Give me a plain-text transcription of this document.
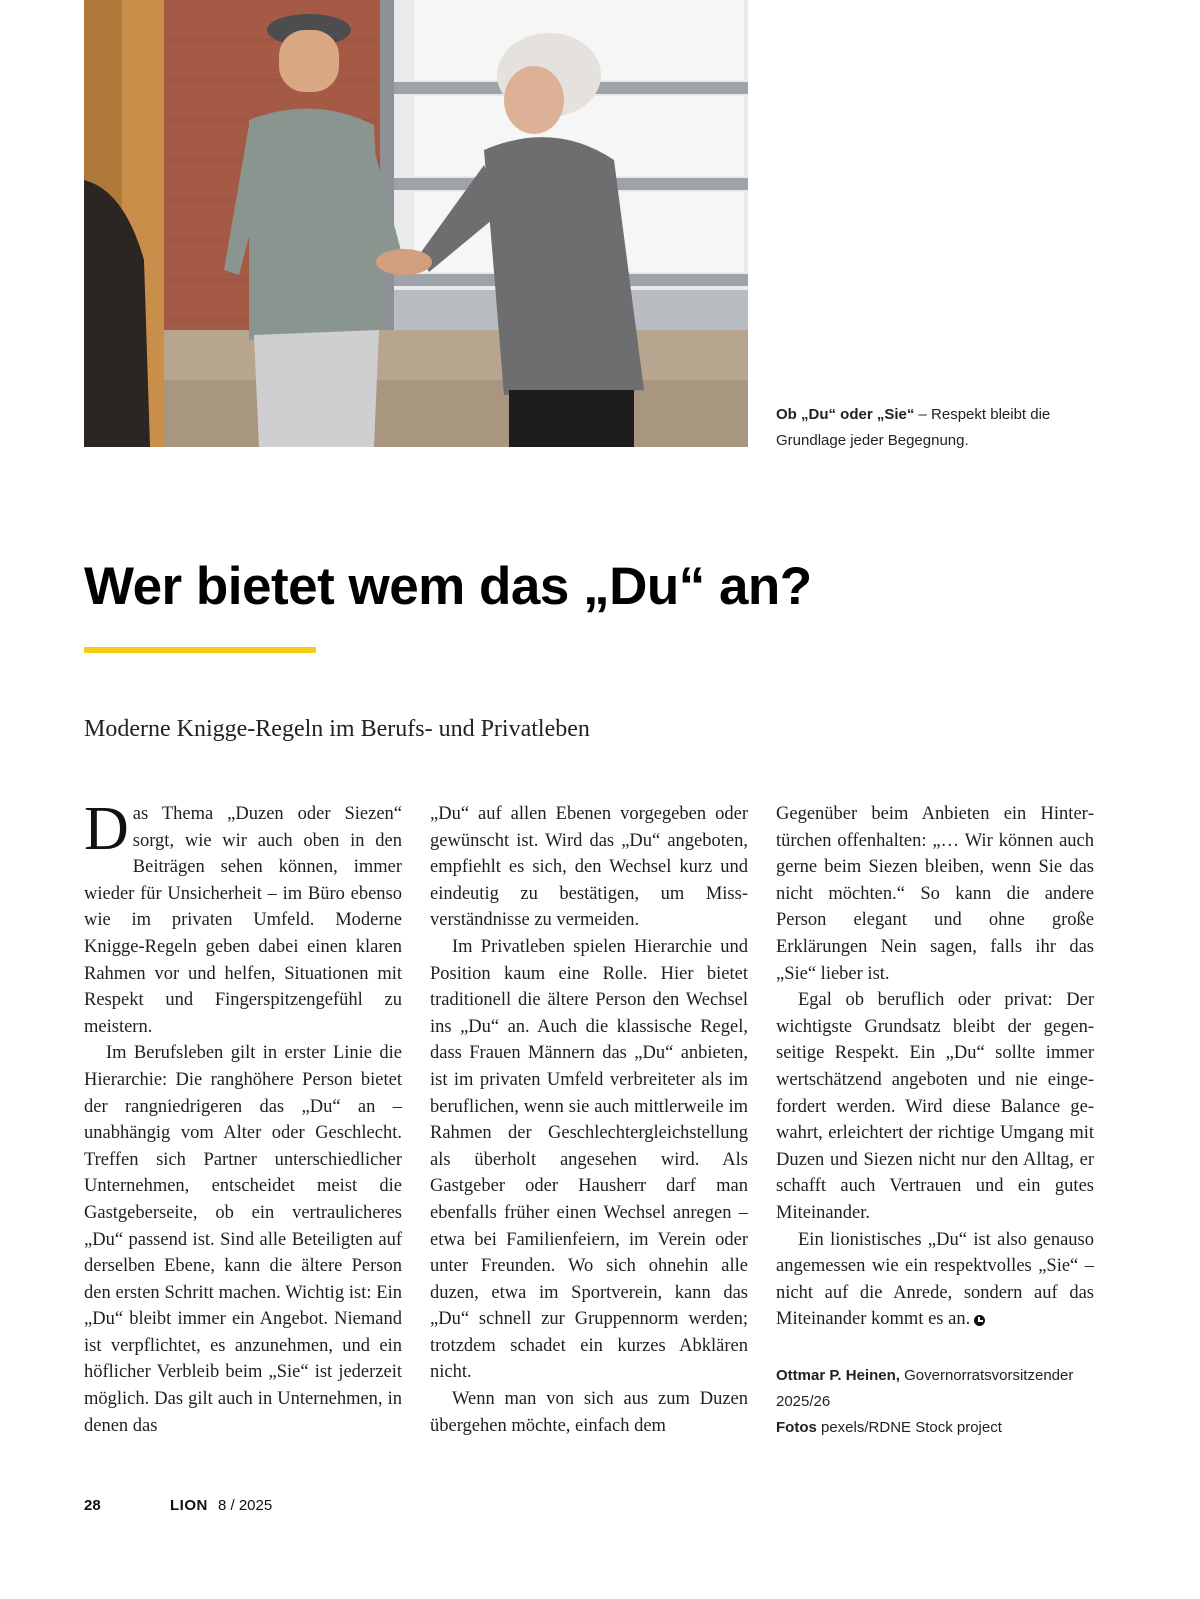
Ob „Du“ oder „Sie“ – Respekt bleibt die Grundlage jeder Begegnung.
Wer bietet wem das „Du“ an?
Moderne Knigge-Regeln im Berufs- und Privatleben

Das Thema „Duzen oder Siezen“ sorgt, wie wir auch oben in den Beiträgen sehen können, immer wieder für Unsicherheit – im Büro ebenso wie im privaten Umfeld. Moderne Knigge-Regeln geben dabei einen klaren Rahmen vor und helfen, Situationen mit Respekt und Fingerspitzengefühl zu meistern.

Im Berufsleben gilt in erster Linie die Hierarchie: Die ranghöhere Person bietet der rangniedrigeren das „Du“ an – unabhängig vom Alter oder Geschlecht. Treffen sich Partner unterschiedlicher Unternehmen, entscheidet meist die Gastgeberseite, ob ein vertraulicheres „Du“ passend ist. Sind alle Beteiligten auf derselben Ebene, kann die ältere Person den ersten Schritt machen. Wichtig ist: Ein „Du“ bleibt immer ein Angebot. Niemand ist verpflichtet, es anzunehmen, und ein höflicher Verbleib beim „Sie“ ist jederzeit möglich. Das gilt auch in Unternehmen, in denen das

„Du“ auf allen Ebenen vorgegeben oder gewünscht ist. Wird das „Du“ angeboten, empfiehlt es sich, den Wechsel kurz und eindeutig zu bestätigen, um Missverständnisse zu vermeiden.

Im Privatleben spielen Hierarchie und Position kaum eine Rolle. Hier bietet traditionell die ältere Person den Wechsel ins „Du“ an. Auch die klassische Regel, dass Frauen Männern das „Du“ anbieten, ist im privaten Umfeld verbreiteter als im beruflichen, wenn sie auch mittlerweile im Rahmen der Geschlechtergleichstellung als überholt angesehen wird. Als Gastgeber oder Hausherr darf man ebenfalls früher einen Wechsel anregen – etwa bei Familienfeiern, im Verein oder unter Freunden. Wo sich ohnehin alle duzen, etwa im Sportverein, kann das „Du“ schnell zur Gruppennorm werden; trotzdem schadet ein kurzes Abklären nicht.

Wenn man von sich aus zum Duzen übergehen möchte, einfach dem

Gegenüber beim Anbieten ein Hintertürchen offenhalten: „… Wir können auch gerne beim Siezen bleiben, wenn Sie das nicht möchten.“ So kann die andere Person elegant und ohne große Erklärungen Nein sagen, falls ihr das „Sie“ lieber ist.

Egal ob beruflich oder privat: Der wichtigste Grundsatz bleibt der gegenseitige Respekt. Ein „Du“ sollte immer wertschätzend angeboten und nie eingefordert werden. Wird diese Balance gewahrt, erleichtert der richtige Umgang mit Duzen und Siezen nicht nur den Alltag, er schafft auch Vertrauen und ein gutes Miteinander.

Ein lionistisches „Du“ ist also genauso angemessen wie ein respektvolles „Sie“ – nicht auf die Anrede, sondern auf das Miteinander kommt es an.

Ottmar P. Heinen, Governorratsvorsitzender 2025/26
Fotos pexels/RDNE Stock project
28	LION 8 / 2025
